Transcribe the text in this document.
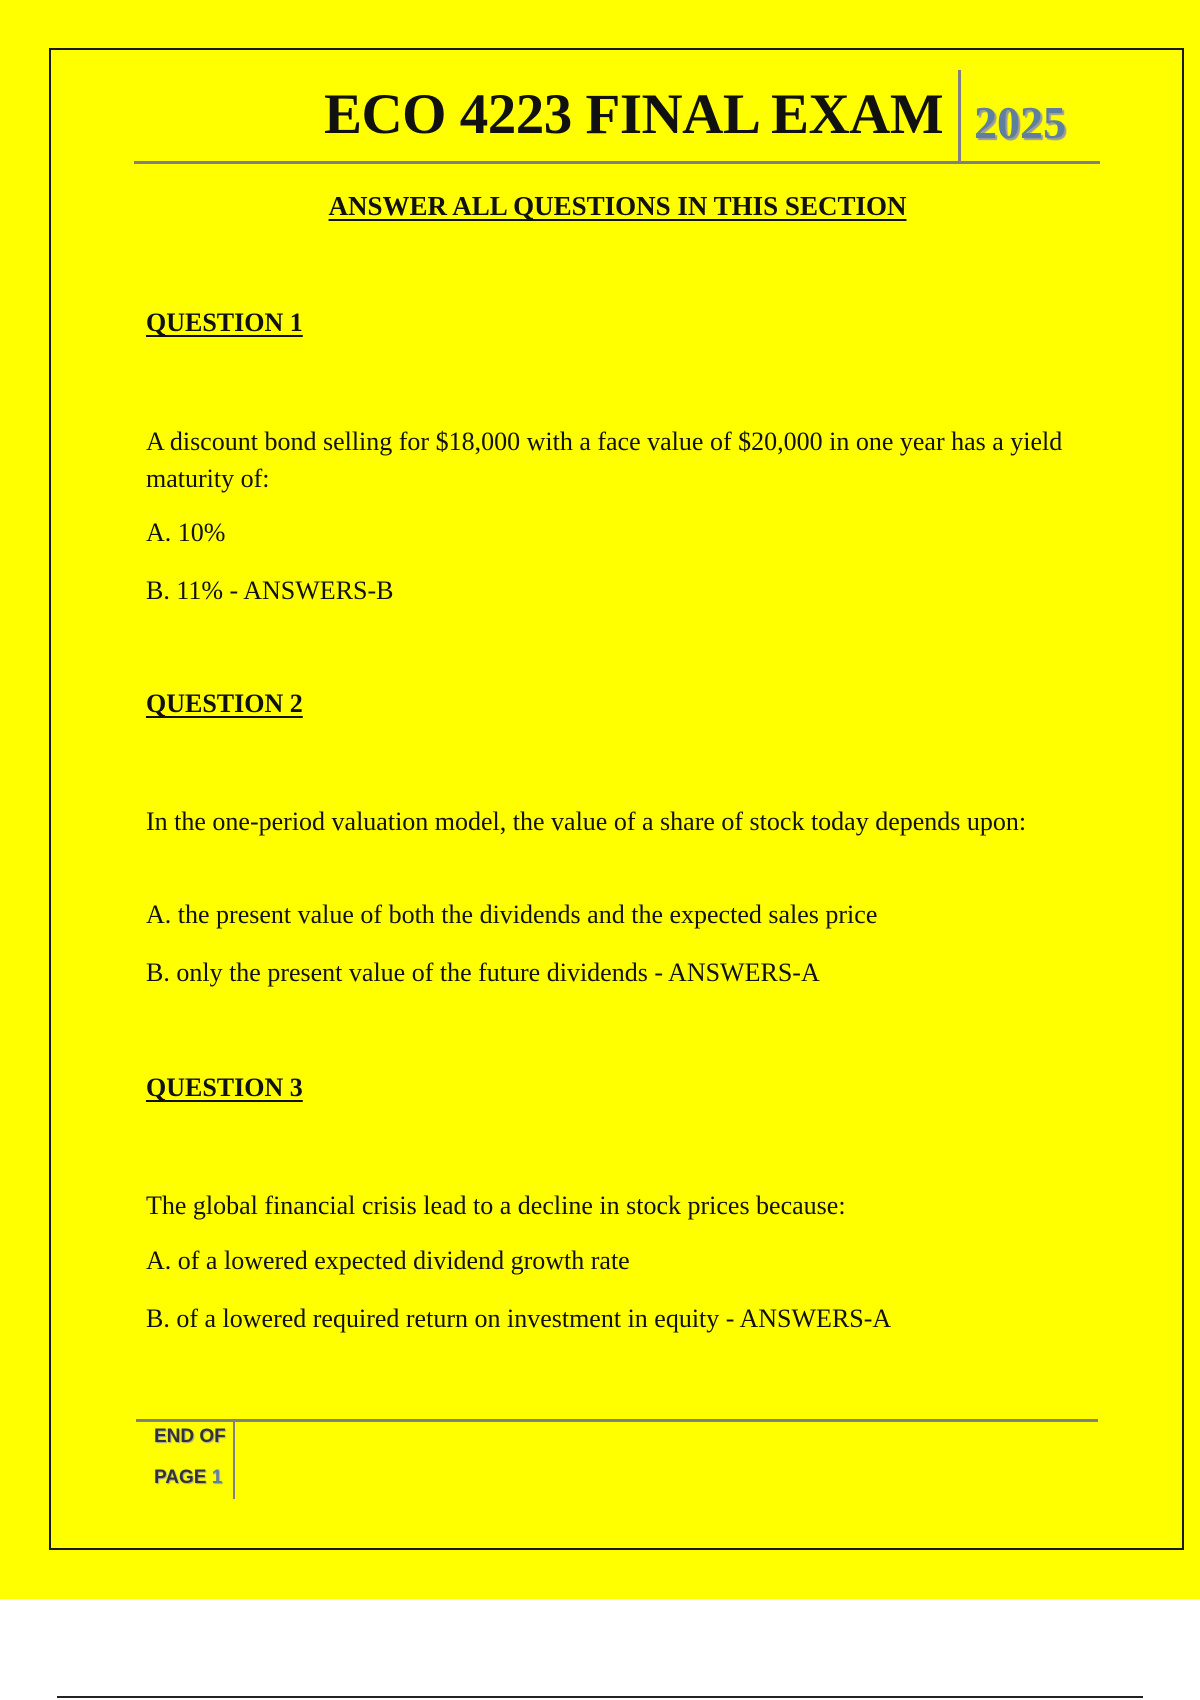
ECO 4223 FINAL EXAM 2025
ANSWER ALL QUESTIONS IN THIS SECTION
QUESTION 1
A discount bond selling for $18,000 with a face value of $20,000 in one year has a yield maturity of:
A. 10%
B. 11% - ANSWERS-B
QUESTION 2
In the one-period valuation model, the value of a share of stock today depends upon:
A. the present value of both the dividends and the expected sales price
B. only the present value of the future dividends - ANSWERS-A
QUESTION 3
The global financial crisis lead to a decline in stock prices because:
A. of a lowered expected dividend growth rate
B. of a lowered required return on investment in equity - ANSWERS-A
END OF
PAGE 1
